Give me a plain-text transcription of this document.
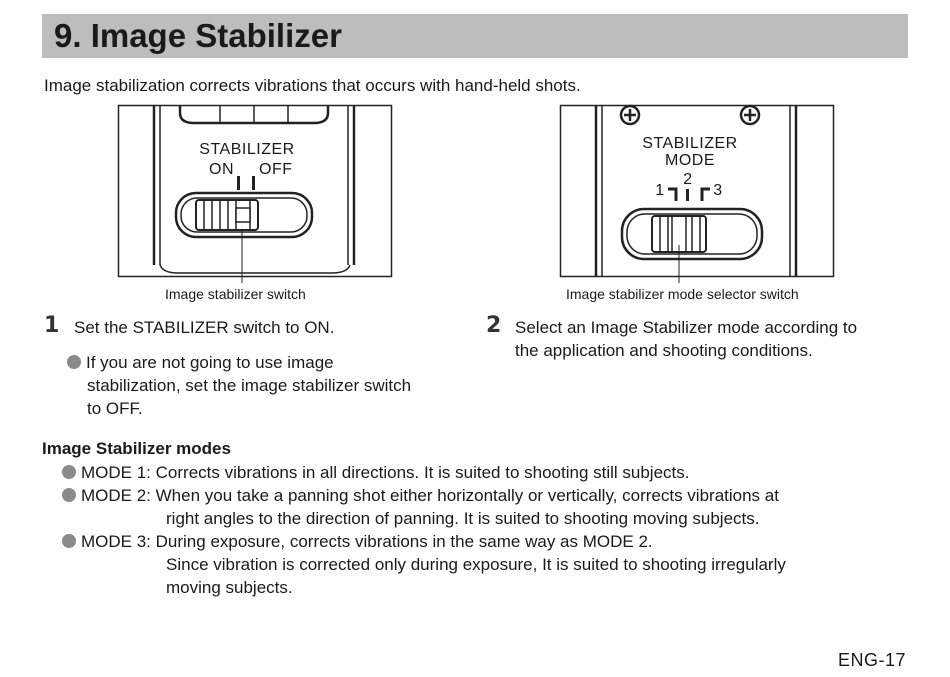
9. Image Stabilizer
Image stabilization corrects vibrations that occurs with hand-held shots.
STABILIZER
ON OFF
Image stabilizer switch
STABILIZER
MODE
1
2
3
Image stabilizer mode selector switch
1 Set the STABILIZER switch to ON.
If you are not going to use image
stabilization, set the image stabilizer switch
to OFF.
2 Select an Image Stabilizer mode according to
the application and shooting conditions.
Image Stabilizer modes
MODE 1: Corrects vibrations in all directions. It is suited to shooting still subjects.
MODE 2: When you take a panning shot either horizontally or vertically, corrects vibrations at
right angles to the direction of panning. It is suited to shooting moving subjects.
MODE 3: During exposure, corrects vibrations in the same way as MODE 2.
Since vibration is corrected only during exposure, It is suited to shooting irregularly
moving subjects.
ENG-17
